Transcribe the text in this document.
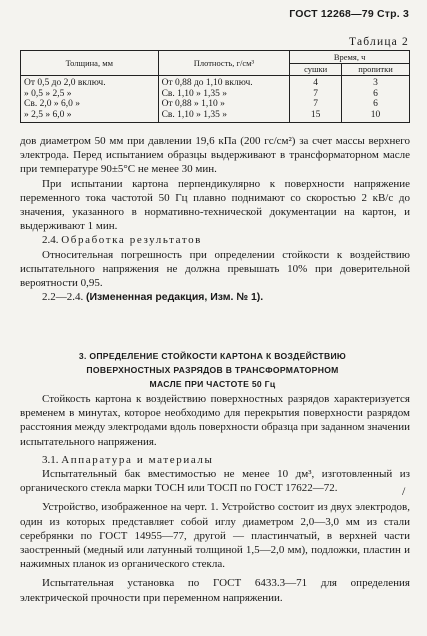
ГОСТ 12268—79 Стр. 3
Таблица 2
Толщина, мм	Плотность, г/см³	Время, ч	
		сушки	пропитки
От 0,5 до 2,0 включ.	От 0,88 до 1,10 включ.	4	3
» 0,5 » 2,5 »	Св. 1,10 » 1,35 »	7	6
Св. 2,0 » 6,0 »	От 0,88 » 1,10 »	7	6
» 2,5 » 6,0 »	Св. 1,10 » 1,35 »	15	10

дов диаметром 50 мм при давлении 19,6 кПа (200 гс/см²) за счет массы верхнего электрода. Перед испытанием образцы выдерживают в трансформаторном масле при температуре 90±5°С не менее 30 мин.

При испытании картона перпендикулярно к поверхности напряжение переменного тока частотой 50 Гц плавно поднимают со скоростью 2 кВ/с до значения, указанного в нормативно-технической документации на картон, и выдерживают 1 мин.

2.4. Обработка результатов

Относительная погрешность при определении стойкости к воздействию испытательного напряжения не должна превышать 10% при доверительной вероятности 0,95.

2.2—2.4. (Измененная редакция, Изм. № 1).

3. ОПРЕДЕЛЕНИЕ СТОЙКОСТИ КАРТОНА К ВОЗДЕЙСТВИЮ

ПОВЕРХНОСТНЫХ РАЗРЯДОВ В ТРАНСФОРМАТОРНОМ

МАСЛЕ ПРИ ЧАСТОТЕ 50 Гц

Стойкость картона к воздействию поверхностных разрядов характеризуется временем в минутах, которое необходимо для перекрытия поверхности разрядом расстояния между электродами вдоль поверхности образца при заданном значении испытательного напряжения.

3.1. Аппаратура и материалы

Испытательный бак вместимостью не менее 10 дм³, изготовленный из органического стекла марки ТОСН или ТОСП по ГОСТ 17622—72.

Устройство, изображенное на черт. 1. Устройство состоит из двух электродов, один из которых представляет собой иглу диаметром 2,0—3,0 мм из стали серебрянки по ГОСТ 14955—77, другой — пластинчатый, в верхней части заостренный (медный или латунный толщиной 1,5—2,0 мм), подложки, пластин и нажимных планок из органического стекла.

Испытательная установка по ГОСТ 6433.3—71 для определения электрической прочности при переменном напряжении.

/
